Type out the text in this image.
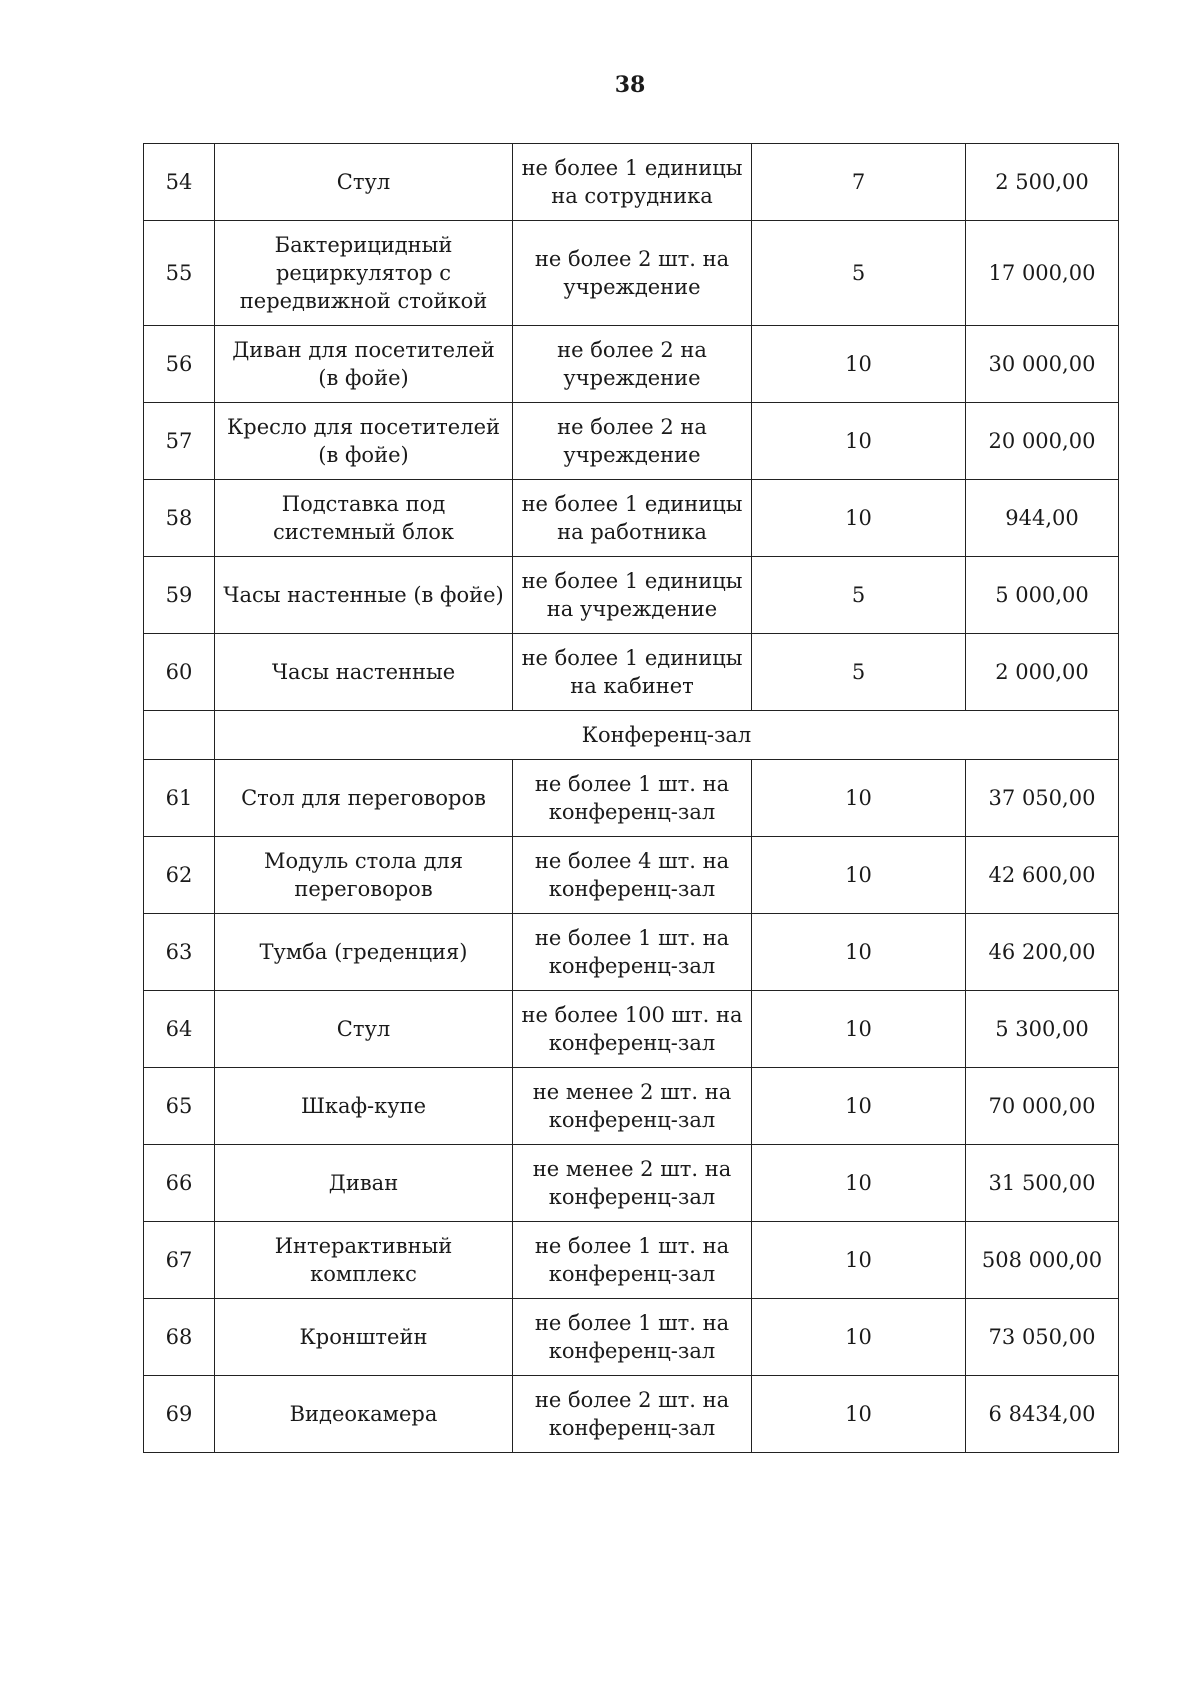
38
54	Стул	не более 1 единицы на сотрудника	7	2 500,00
55	Бактерицидный рециркулятор с передвижной стойкой	не более 2 шт. на учреждение	5	17 000,00
56	Диван для посетителей (в фойе)	не более 2 на учреждение	10	30 000,00
57	Кресло для посетителей (в фойе)	не более 2 на учреждение	10	20 000,00
58	Подставка под системный блок	не более 1 единицы на работника	10	944,00
59	Часы настенные (в фойе)	не более 1 единицы на учреждение	5	5 000,00
60	Часы настенные	не более 1 единицы на кабинет	5	2 000,00
	Конференц-зал			
61	Стол для переговоров	не более 1 шт. на конференц-зал	10	37 050,00
62	Модуль стола для переговоров	не более 4 шт. на конференц-зал	10	42 600,00
63	Тумба (греденция)	не более 1 шт. на конференц-зал	10	46 200,00
64	Стул	не более 100 шт. на конференц-зал	10	5 300,00
65	Шкаф-купе	не менее 2 шт. на конференц-зал	10	70 000,00
66	Диван	не менее 2 шт. на конференц-зал	10	31 500,00
67	Интерактивный комплекс	не более 1 шт. на конференц-зал	10	508 000,00
68	Кронштейн	не более 1 шт. на конференц-зал	10	73 050,00
69	Видеокамера	не более 2 шт. на конференц-зал	10	6 8434,00
